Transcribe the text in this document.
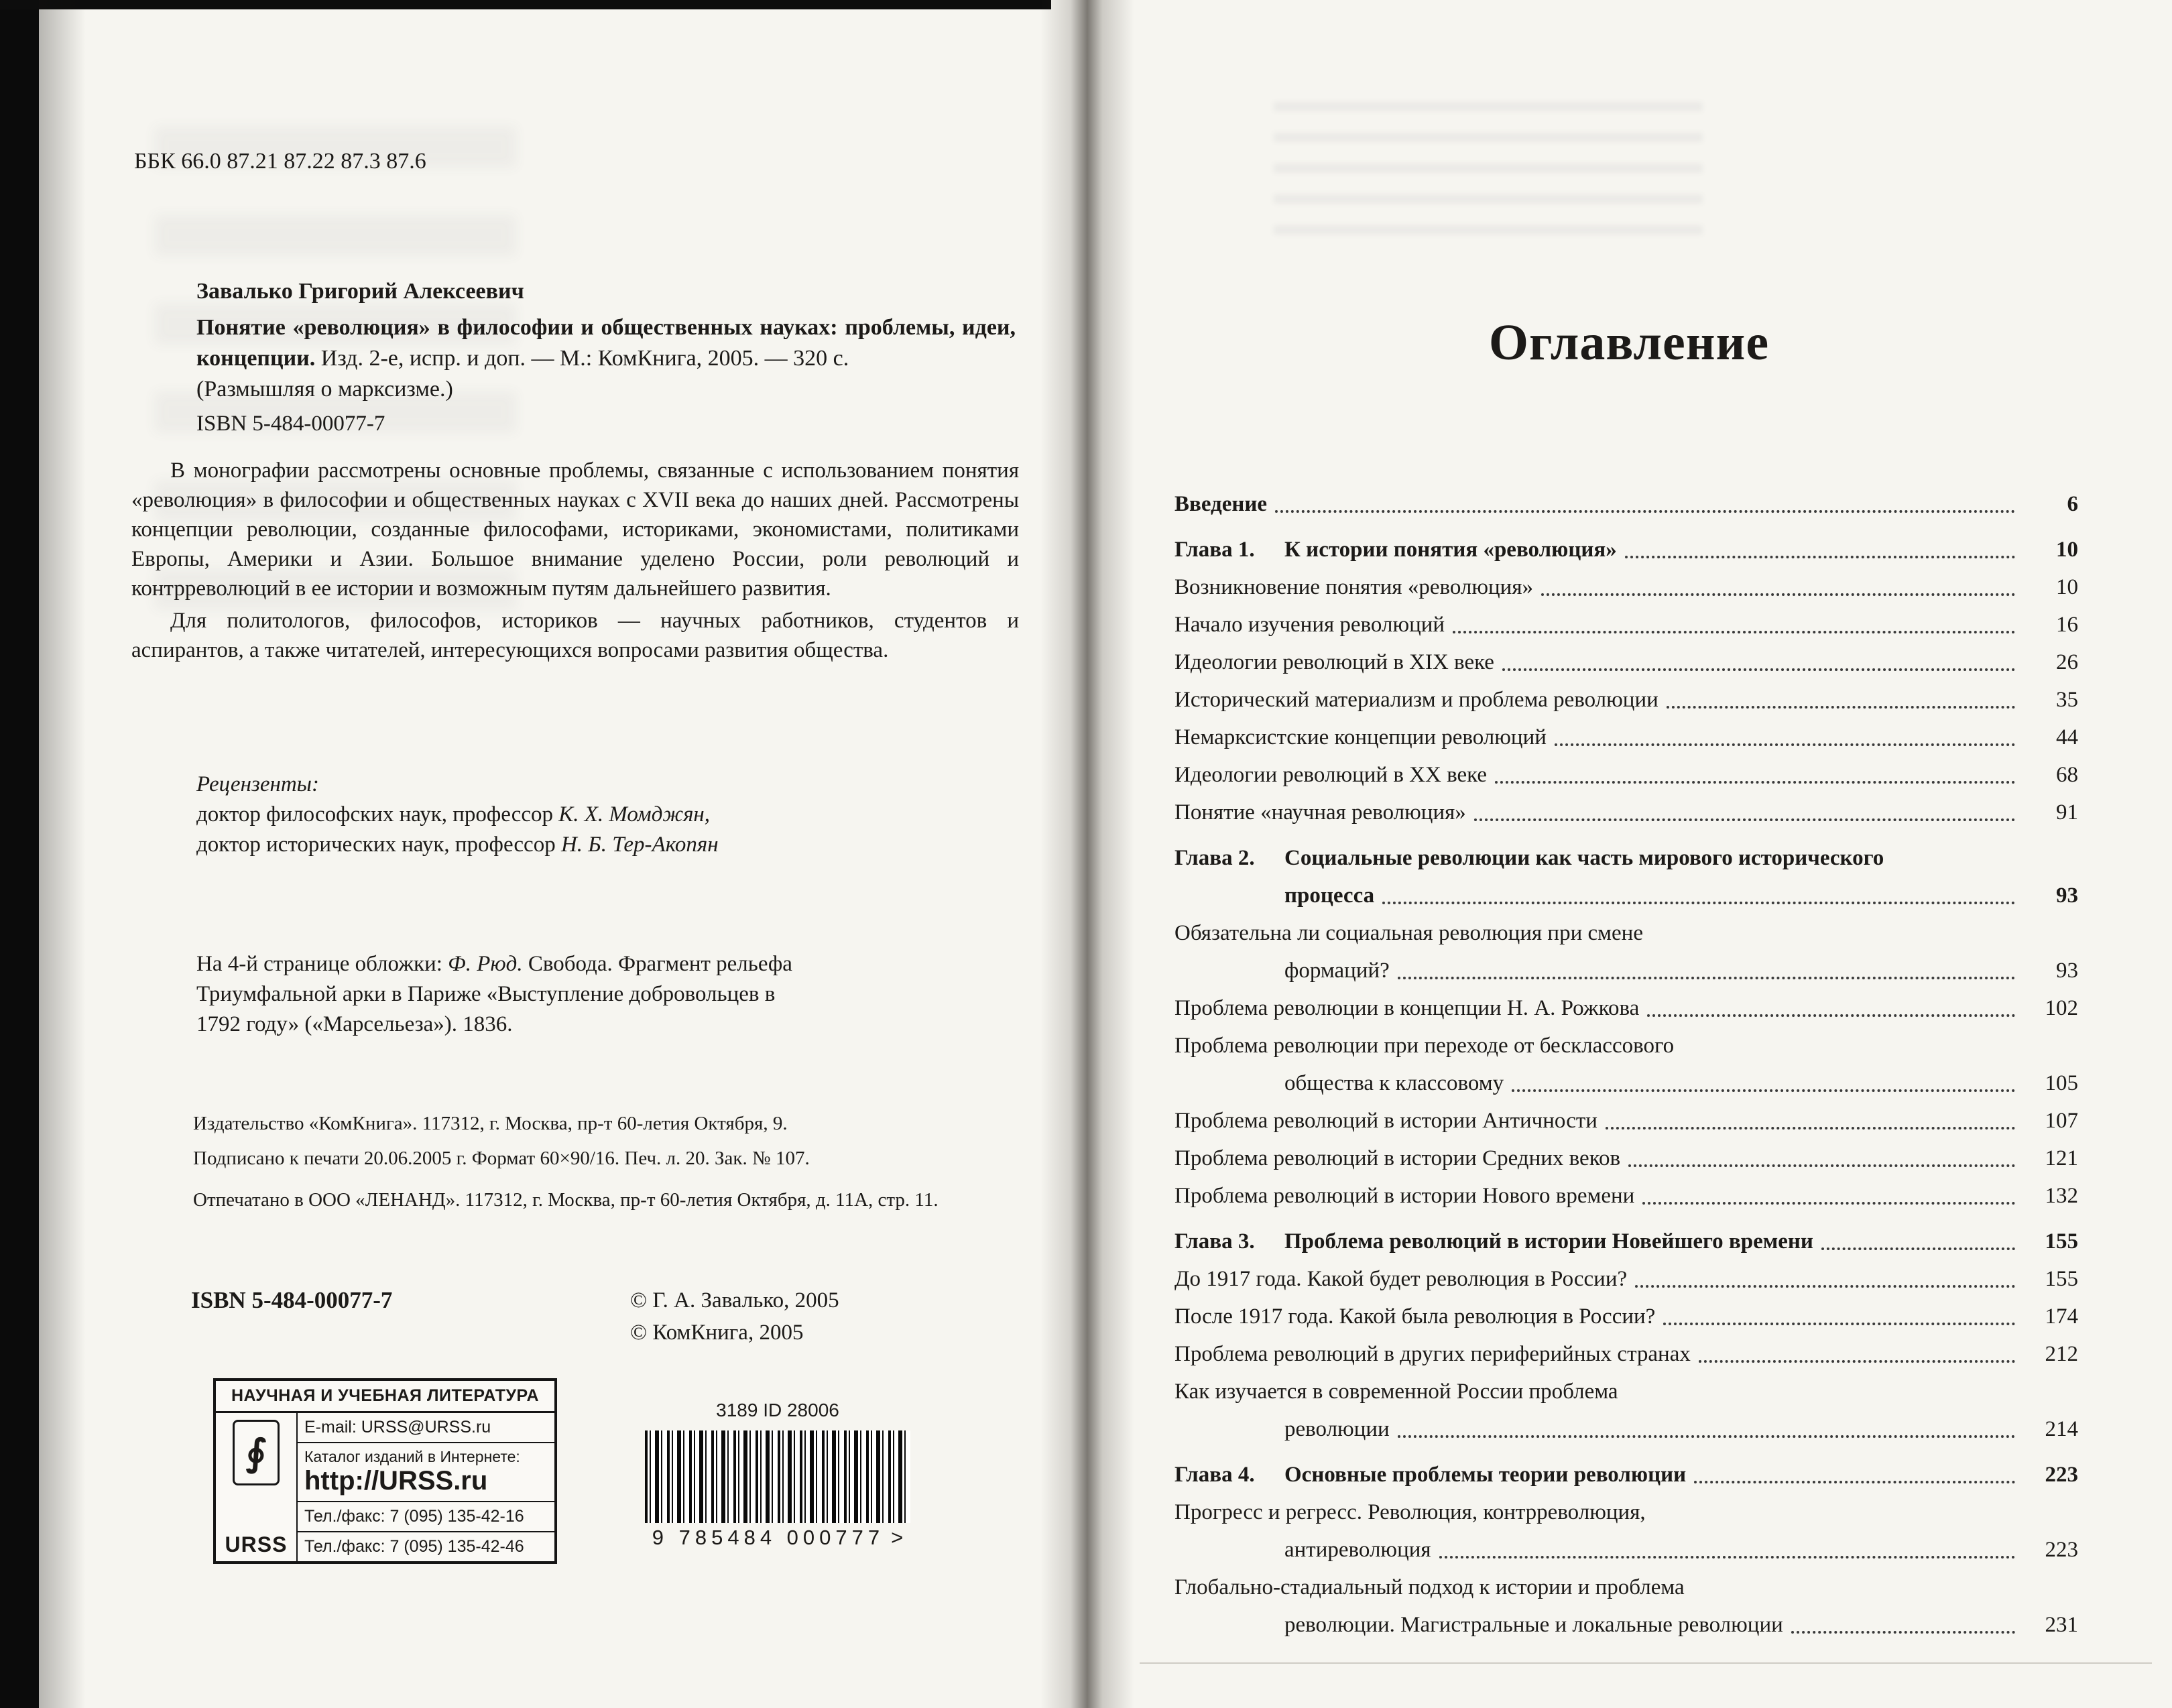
ББК 66.0 87.21 87.22 87.3 87.6
Завалько Григорий Алексеевич
Понятие «революция» в философии и общественных науках: проблемы, идеи, концепции. Изд. 2-е, испр. и доп. — М.: КомКнига, 2005. — 320 с.
(Размышляя о марксизме.)
ISBN 5-484-00077-7

В монографии рассмотрены основные проблемы, связанные с использованием понятия «революция» в философии и общественных науках с XVII века до наших дней. Рассмотрены концепции революции, созданные философами, историками, экономистами, политиками Европы, Америки и Азии. Большое внимание уделено России, роли революций и контрреволюций в ее истории и возможным путям дальнейшего развития.

Для политологов, философов, историков — научных работников, студентов и аспирантов, а также читателей, интересующихся вопросами развития общества.

Рецензенты:
доктор философских наук, профессор К. Х. Момджян,
доктор исторических наук, профессор Н. Б. Тер-Акопян
На 4-й странице обложки: Ф. Рюд. Свобода. Фрагмент рельефа Триумфальной арки в Париже «Выступление добровольцев в 1792 году» («Марсельеза»). 1836.
Издательство «КомКнига». 117312, г. Москва, пр-т 60-летия Октября, 9.
Подписано к печати 20.06.2005 г. Формат 60×90/16. Печ. л. 20. Зак. № 107.
Отпечатано в ООО «ЛЕНАНД». 117312, г. Москва, пр-т 60-летия Октября, д. 11А, стр. 11.
ISBN 5-484-00077-7	© Г. А. Завалько, 2005
© КомКнига, 2005
НАУЧНАЯ И УЧЕБНАЯ ЛИТЕРАТУРА
∮
URSS
E-mail: URSS@URSS.ru
Каталог изданий в Интернете:
http://URSS.ru
Тел./факс: 7 (095) 135-42-16
Тел./факс: 7 (095) 135-42-46
3189 ID 28006
9 785484 000777 >
Оглавление
Введение	6
Глава 1.	К истории понятия «революция»	10
Возникновение понятия «революция»	10
Начало изучения революций	16
Идеологии революций в XIX веке	26
Исторический материализм и проблема революции	35
Немарксистские концепции революций	44
Идеологии революций в XX веке	68
Понятие «научная революция»	91
Глава 2.	Социальные революции как часть мирового исторического
процесса	93
Обязательна ли социальная революция при смене
формаций?	93
Проблема революции в концепции Н. А. Рожкова	102
Проблема революции при переходе от бесклассового
общества к классовому	105
Проблема революций в истории Античности	107
Проблема революций в истории Средних веков	121
Проблема революций в истории Нового времени	132
Глава 3.	Проблема революций в истории Новейшего времени	155
До 1917 года. Какой будет революция в России?	155
После 1917 года. Какой была революция в России?	174
Проблема революций в других периферийных странах	212
Как изучается в современной России проблема
революции	214
Глава 4.	Основные проблемы теории революции	223
Прогресс и регресс. Революция, контрреволюция,
антиреволюция	223
Глобально-стадиальный подход к истории и проблема
революции. Магистральные и локальные революции	231
